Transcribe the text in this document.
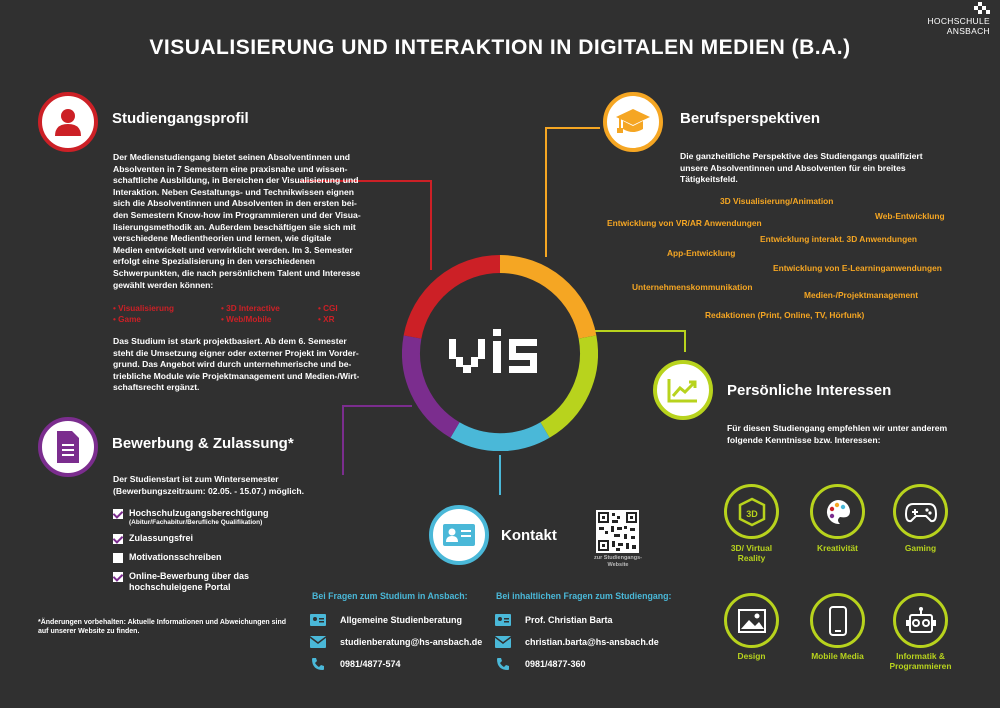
VISUALISIERUNG UND INTERAKTION IN DIGITALEN MEDIEN (B.A.)
HOCHSCHULE
ANSBACH
Studiengangsprofil
Der Medienstudiengang bietet seinen Absolventinnen und Absolventen in 7 Semestern eine praxisnahe und wissen-schaftliche Ausbildung, in Bereichen der Visualisierung und Interaktion. Neben Gestaltungs- und Technikwissen eignen sich die Absolventinnen und Absolventen in den ersten bei-den Semestern Know-how im Programmieren und der Visua-lisierungsmethodik an. Außerdem beschäftigen sie sich mit verschiedene Medientheorien und lernen, wie digitale Medien entwickelt und verwirklicht werden. Im 3. Semester erfolgt eine Spezialisierung in den verschiedenen Schwerpunkten, die nach persönlichem Talent und Interesse gewählt werden können:
• Visualisierung	• 3D Interactive	• CGI
• Game	• Web/Mobile	• XR
Das Studium ist stark projektbasiert. Ab dem 6. Semester steht die Umsetzung eigner oder externer Projekt im Vorder-grund. Das Angebot wird durch unternehmerische und be-triebliche Module wie Projektmanagement und Medien-/Wirt-schaftsrecht ergänzt.
Bewerbung & Zulassung*
Der Studienstart ist zum Wintersemester (Bewerbungszeitraum: 02.05. - 15.07.) möglich.
Hochschulzugangsberechtigung
(Abitur/Fachabitur/Berufliche Qualifikation)
Zulassungsfrei
Motivationsschreiben
Online-Bewerbung über das
hochschuleigene Portal
*Änderungen vorbehalten: Aktuelle Informationen und Abweichungen sind auf unserer Website zu finden.
Berufsperspektiven
Die ganzheitliche Perspektive des Studiengangs qualifiziert unsere Absolventinnen und Absolventen für ein breites Tätigkeitsfeld.
3D Visualisierung/Animation
Web-Entwicklung
Entwicklung von VR/AR Anwendungen
Entwicklung interakt. 3D Anwendungen
App-Entwicklung
Entwicklung von E-Learninganwendungen
Unternehmenskommunikation
Medien-/Projektmanagement
Redaktionen (Print, Online, TV, Hörfunk)
Persönliche Interessen
Für diesen Studiengang empfehlen wir unter anderem folgende Kenntnisse bzw. Interessen:
3D
3D/ Virtual
Reality
Kreativität	Gaming
Design	Mobile Media	Informatik &
Programmieren
Kontakt
zur Studiengangs-Website
Bei Fragen zum Studium in Ansbach:
Allgemeine Studienberatung
studienberatung@hs-ansbach.de
0981/4877-574
Bei inhaltlichen Fragen zum Studiengang:
Prof. Christian Barta
christian.barta@hs-ansbach.de
0981/4877-360
